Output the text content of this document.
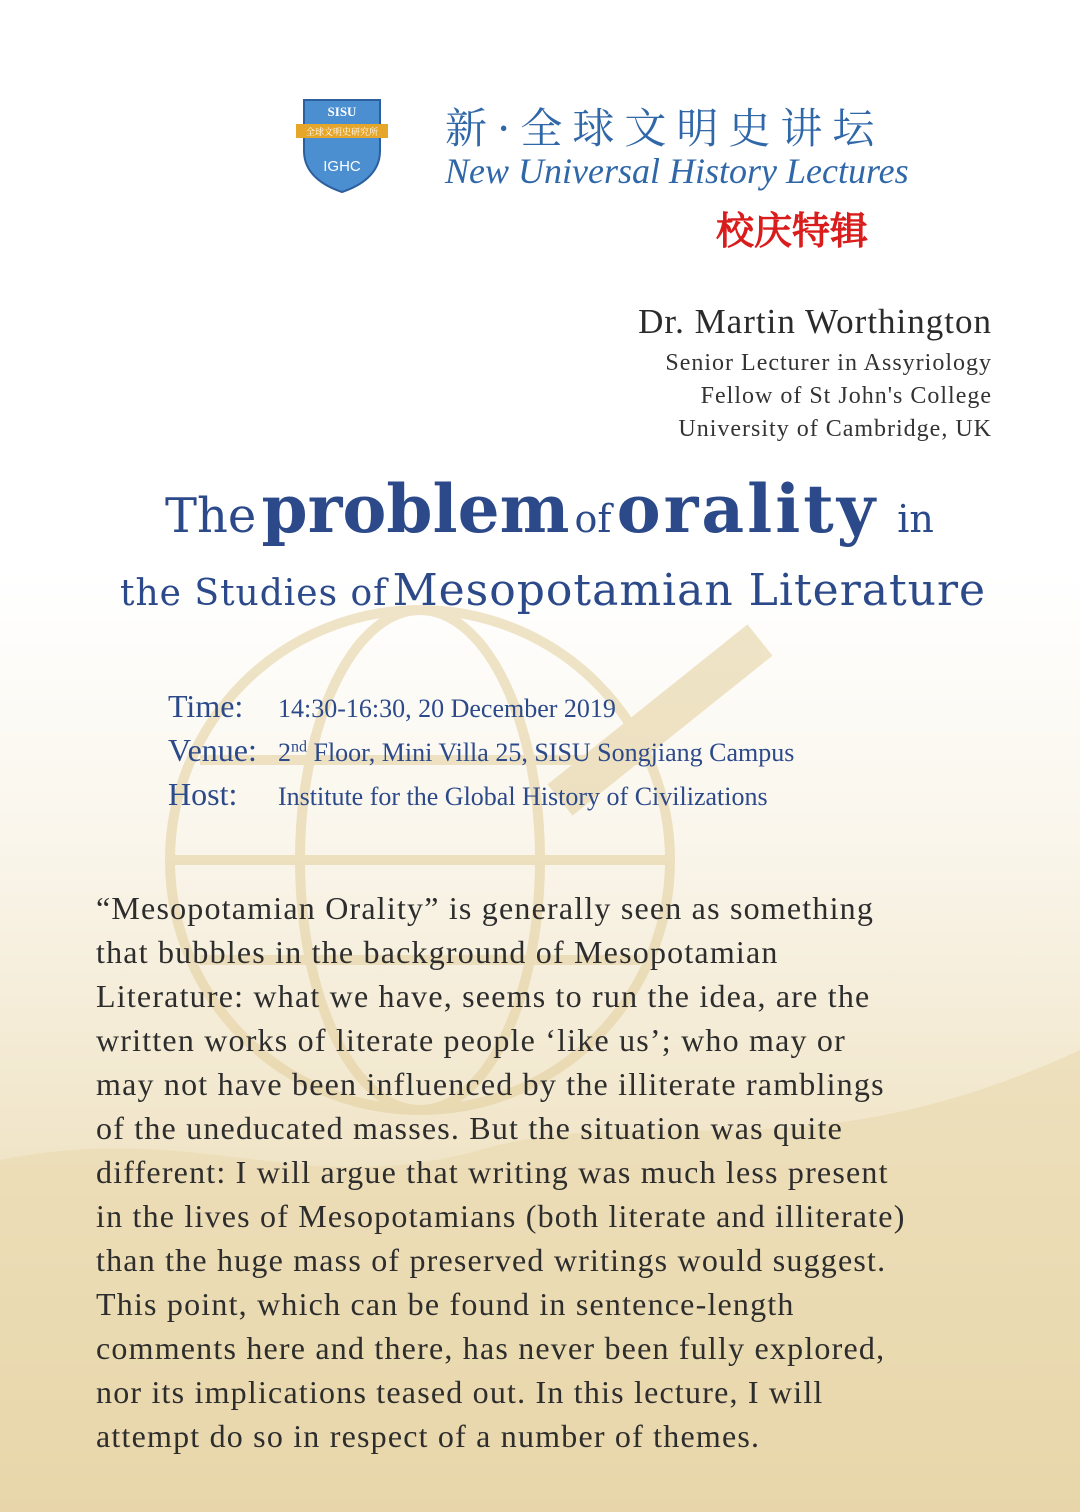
SISU
全球文明史研究所
IGHC
新·全球文明史讲坛
New Universal History Lectures
校庆特辑
Dr. Martin Worthington
Senior Lecturer in Assyriology
Fellow of St John's College
University of Cambridge, UK
The problem of orality in
the Studies of Mesopotamian Literature
Time: 14:30-16:30, 20 December 2019
Venue: 2nd Floor, Mini Villa 25, SISU Songjiang Campus
Host: Institute for the Global History of Civilizations
“Mesopotamian Orality” is generally seen as something
that bubbles in the background of Mesopotamian
Literature: what we have, seems to run the idea, are the
written works of literate people ‘like us’; who may or
may not have been influenced by the illiterate ramblings
of the uneducated masses. But the situation was quite
different: I will argue that writing was much less present
in the lives of Mesopotamians (both literate and illiterate)
than the huge mass of preserved writings would suggest.
This point, which can be found in sentence-length
comments here and there, has never been fully explored,
nor its implications teased out. In this lecture, I will
attempt do so in respect of a number of themes.
